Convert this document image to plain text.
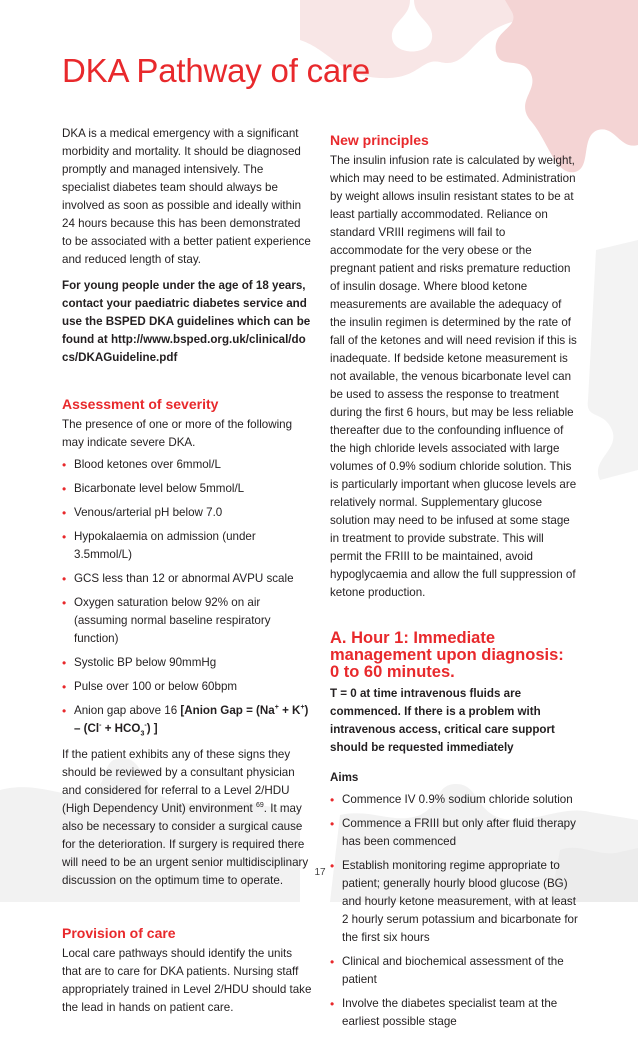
DKA Pathway of care

DKA is a medical emergency with a significant morbidity and mortality. It should be diagnosed promptly and managed intensively. The specialist diabetes team should always be involved as soon as possible and ideally within 24 hours because this has been demonstrated to be associated with a better patient experience and reduced length of stay.

For young people under the age of 18 years, contact your paediatric diabetes service and use the BSPED DKA guidelines which can be found at http://www.bsped.org.uk/clinical/docs/DKAGuideline.pdf

Assessment of severity

The presence of one or more of the following may indicate severe DKA.

• Blood ketones over 6mmol/L
• Bicarbonate level below 5mmol/L
• Venous/arterial pH below 7.0
• Hypokalaemia on admission (under 3.5mmol/L)
• GCS less than 12 or abnormal AVPU scale
• Oxygen saturation below 92% on air (assuming normal baseline respiratory function)
• Systolic BP below 90mmHg
• Pulse over 100 or below 60bpm
• Anion gap above 16 [Anion Gap = $(Na^+ + K^+) - (Cl^- + HCO_3^-)$ ]

If the patient exhibits any of these signs they should be reviewed by a consultant physician and considered for referral to a Level 2/HDU (High Dependency Unit) environment $^{69}$. It may also be necessary to consider a surgical cause for the deterioration. If surgery is required there will need to be an urgent senior multidisciplinary discussion on the optimum time to operate.

Provision of care

Local care pathways should identify the units that are to care for DKA patients. Nursing staff appropriately trained in Level 2/HDU should take the lead in hands on patient care.

New principles

The insulin infusion rate is calculated by weight, which may need to be estimated. Administration by weight allows insulin resistant states to be at least partially accommodated. Reliance on standard VRIII regimens will fail to accommodate for the very obese or the pregnant patient and risks premature reduction of insulin dosage. Where blood ketone measurements are available the adequacy of the insulin regimen is determined by the rate of fall of the ketones and will need revision if this is inadequate. If bedside ketone measurement is not available, the venous bicarbonate level can be used to assess the response to treatment during the first 6 hours, but may be less reliable thereafter due to the confounding influence of the high chloride levels associated with large volumes of 0.9% sodium chloride solution. This is particularly important when glucose levels are relatively normal. Supplementary glucose solution may need to be infused at some stage in treatment to provide substrate. This will permit the FRIII to be maintained, avoid hypoglycaemia and allow the full suppression of ketone production.

A. Hour 1: Immediate
management upon diagnosis:
0 to 60 minutes.

T = 0 at time intravenous fluids are commenced. If there is a problem with intravenous access, critical care support should be requested immediately

Aims

• Commence IV 0.9% sodium chloride solution
• Commence a FRIII but only after fluid therapy has been commenced
• Establish monitoring regime appropriate to patient; generally hourly blood glucose (BG) and hourly ketone measurement, with at least 2 hourly serum potassium and bicarbonate for the first six hours
• Clinical and biochemical assessment of the patient
• Involve the diabetes specialist team at the earliest possible stage
17
